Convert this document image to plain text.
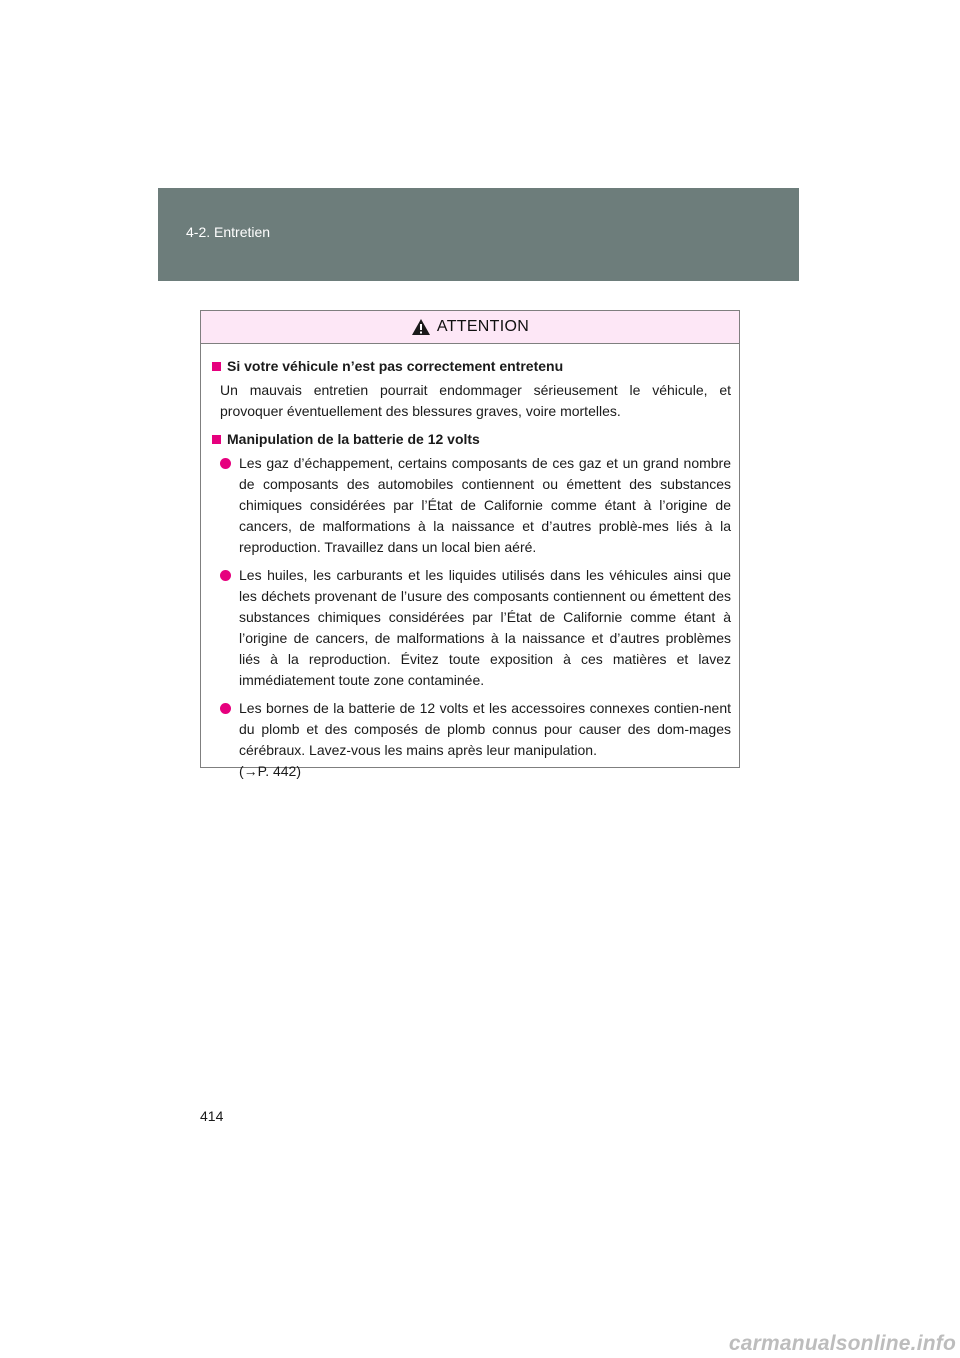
4-2. Entretien
ATTENTION
Si votre véhicule n’est pas correctement entretenu
Un mauvais entretien pourrait endommager sérieusement le véhicule, et provoquer éventuellement des blessures graves, voire mortelles.
Manipulation de la batterie de 12 volts
Les gaz d’échappement, certains composants de ces gaz et un grand nombre de composants des automobiles contiennent ou émettent des substances chimiques considérées par l’État de Californie comme étant à l’origine de cancers, de malformations à la naissance et d’autres problè-mes liés à la reproduction. Travaillez dans un local bien aéré.
Les huiles, les carburants et les liquides utilisés dans les véhicules ainsi que les déchets provenant de l’usure des composants contiennent ou émettent des substances chimiques considérées par l’État de Californie comme étant à l’origine de cancers, de malformations à la naissance et d’autres problèmes liés à la reproduction. Évitez toute exposition à ces matières et lavez immédiatement toute zone contaminée.
Les bornes de la batterie de 12 volts et les accessoires connexes contien-nent du plomb et des composés de plomb connus pour causer des dom-mages cérébraux. Lavez-vous les mains après leur manipulation.
(→P. 442)
414
carmanualsonline.info
